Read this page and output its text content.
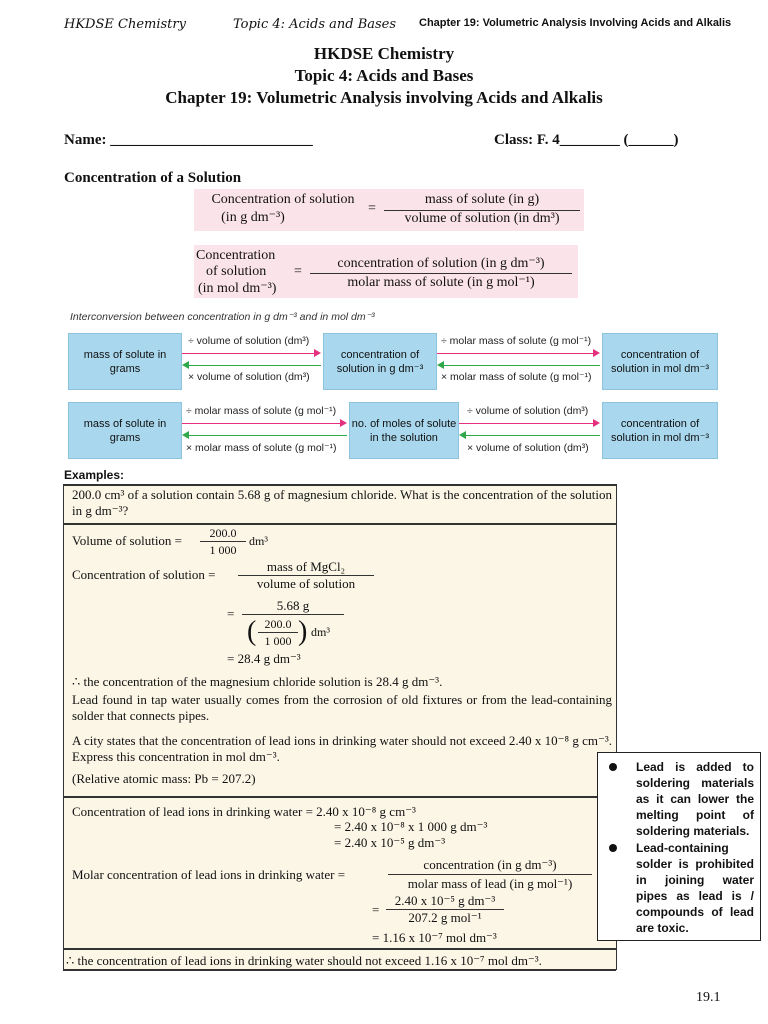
HKDSE Chemistry	Topic 4: Acids and Bases Chapter 19: Volumetric Analysis Involving Acids and Alkalis
HKDSE Chemistry
Topic 4: Acids and Bases
Chapter 19: Volumetric Analysis involving Acids and Alkalis
Name: ___________________________	Class: F. 4________ (______)
Concentration of a Solution
Concentration of solution
(in g dm⁻³)
=
mass of solute (in g)
volume of solution (in dm³)
Concentration
of solution
(in mol dm⁻³)
=
concentration of solution (in g dm⁻³)
molar mass of solute (in g mol⁻¹)
Interconversion between concentration in g dm⁻³ and in mol dm⁻³
mass of solute in grams
concentration of solution in g dm⁻³
concentration of solution in mol dm⁻³
÷ volume of solution (dm³)
× volume of solution (dm³)
÷ molar mass of solute (g mol⁻¹)
× molar mass of solute (g mol⁻¹)
mass of solute in grams
no. of moles of solute in the solution
concentration of solution in mol dm⁻³
÷ molar mass of solute (g mol⁻¹)
× molar mass of solute (g mol⁻¹)
÷ volume of solution (dm³)
× volume of solution (dm³)
Examples:
200.0 cm³ of a solution contain 5.68 g of magnesium chloride. What is the concentration of the solution in g dm⁻³?
Volume of solution =	200.0
1 000
dm³
Concentration of solution =
mass of MgCl₂
volume of solution
=
5.68 g
( 200.0
1 000 ) dm³
= 28.4 g dm⁻³
∴ the concentration of the magnesium chloride solution is 28.4 g dm⁻³.
Lead found in tap water usually comes from the corrosion of old fixtures or from the lead-containing solder that connects pipes.
A city states that the concentration of lead ions in drinking water should not exceed 2.40 x 10⁻⁸ g cm⁻³. Express this concentration in mol dm⁻³.
(Relative atomic mass: Pb = 207.2)
Concentration of lead ions in drinking water = 2.40 x 10⁻⁸ g cm⁻³
= 2.40 x 10⁻⁸ x 1 000 g dm⁻³
= 2.40 x 10⁻⁵ g dm⁻³
Molar concentration of lead ions in drinking water =
concentration (in g dm⁻³)
molar mass of lead (in g mol⁻¹)
=
2.40 x 10⁻⁵ g dm⁻³
207.2 g mol⁻¹
= 1.16 x 10⁻⁷ mol dm⁻³
∴ the concentration of lead ions in drinking water should not exceed 1.16 x 10⁻⁷ mol dm⁻³.
Lead is added to soldering materials as it can lower the melting point of soldering materials.
Lead-containing solder is prohibited in joining water pipes as lead is / compounds of lead are toxic.
19.1
